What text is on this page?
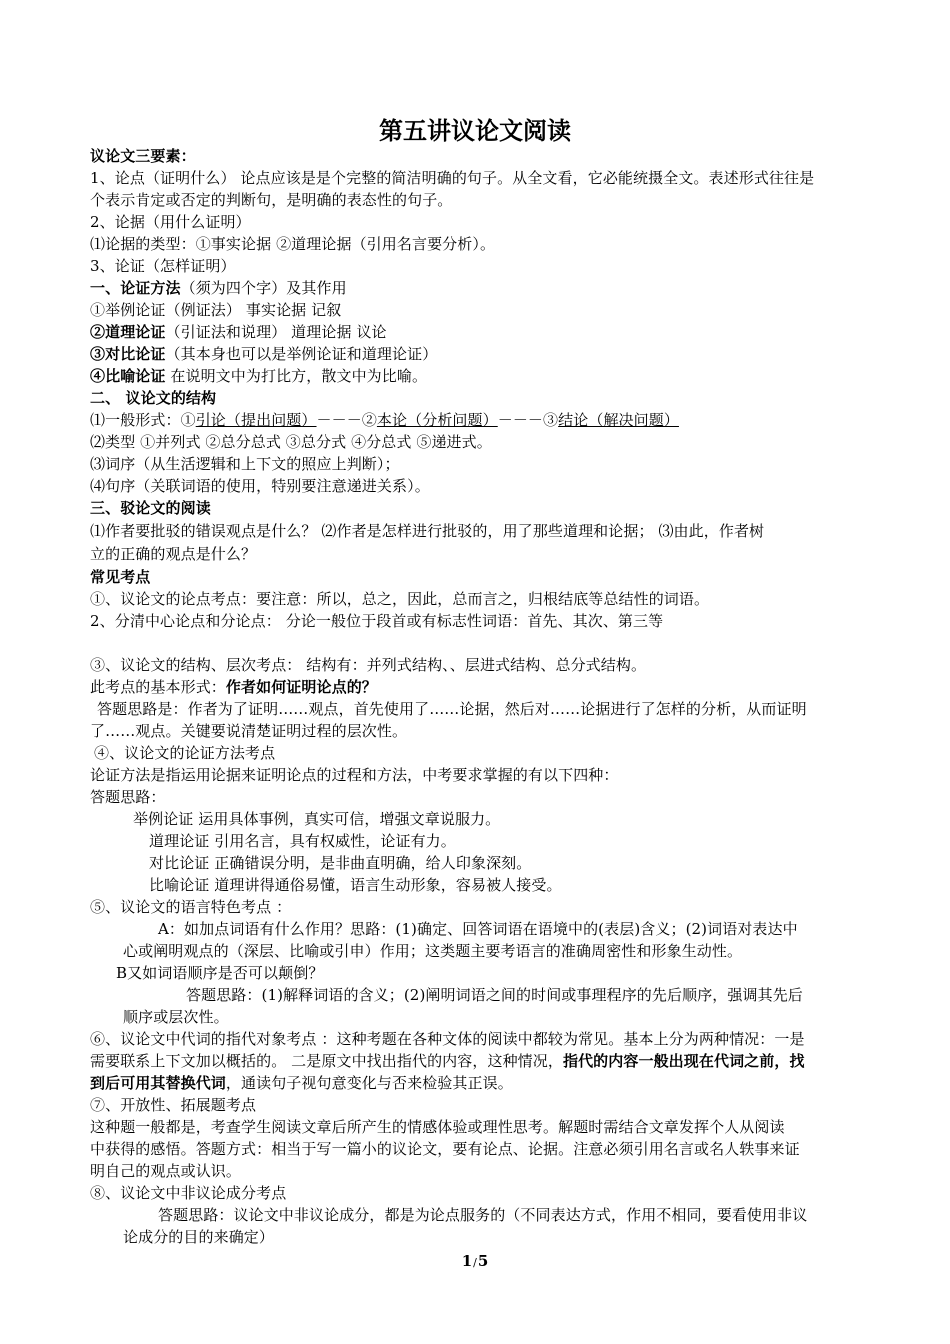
第五讲议论文阅读
议论文三要素：
1、论点（证明什么） 论点应该是是个完整的简洁明确的句子。从全文看，它必能统摄全文。表述形式往往是
个表示肯定或否定的判断句，是明确的表态性的句子。
2、论据（用什么证明）
⑴论据的类型：①事实论据 ②道理论据（引用名言要分析）。
3、论证（怎样证明）
一、论证方法（须为四个字）及其作用
①举例论证（例证法） 事实论据 记叙
②道理论证（引证法和说理） 道理论据 议论
③对比论证（其本身也可以是举例论证和道理论证）
④比喻论证 在说明文中为打比方，散文中为比喻。
二、 议论文的结构
⑴一般形式：①引论（提出问题）－－－②本论（分析问题）－－－③结论（解决问题）
⑵类型 ①并列式 ②总分总式 ③总分式 ④分总式 ⑤递进式。
⑶词序（从生活逻辑和上下文的照应上判断）；
⑷句序（关联词语的使用，特别要注意递进关系）。
三、驳论文的阅读
⑴作者要批驳的错误观点是什么？ ⑵作者是怎样进行批驳的，用了那些道理和论据； ⑶由此，作者树
立的正确的观点是什么？
常见考点
①、议论文的论点考点：要注意：所以，总之，因此，总而言之，归根结底等总结性的词语。
2、分清中心论点和分论点： 分论一般位于段首或有标志性词语：首先、其次、第三等
③、议论文的结构、层次考点： 结构有：并列式结构、、层进式结构、总分式结构。
此考点的基本形式：作者如何证明论点的？
答题思路是：作者为了证明……观点，首先使用了……论据，然后对……论据进行了怎样的分析，从而证明
了……观点。关键要说清楚证明过程的层次性。
④、议论文的论证方法考点
论证方法是指运用论据来证明论点的过程和方法，中考要求掌握的有以下四种：
答题思路：
举例论证 运用具体事例，真实可信，增强文章说服力。
道理论证 引用名言，具有权威性，论证有力。
对比论证 正确错误分明，是非曲直明确，给人印象深刻。
比喻论证 道理讲得通俗易懂，语言生动形象，容易被人接受。
⑤、议论文的语言特色考点 ：
A：如加点词语有什么作用？思路：(1)确定、回答词语在语境中的(表层)含义；(2)词语对表达中
心或阐明观点的（深层、比喻或引申）作用；这类题主要考语言的准确周密性和形象生动性。
B又如词语顺序是否可以颠倒？
答题思路：(1)解释词语的含义；(2)阐明词语之间的时间或事理程序的先后顺序，强调其先后
顺序或层次性。
⑥、议论文中代词的指代对象考点 ：这种考题在各种文体的阅读中都较为常见。基本上分为两种情况：一是
需要联系上下文加以概括的。 二是原文中找出指代的内容，这种情况，指代的内容一般出现在代词之前，找
到后可用其替换代词，通读句子视句意变化与否来检验其正误。
⑦、开放性、拓展题考点
这种题一般都是，考查学生阅读文章后所产生的情感体验或理性思考。解题时需结合文章发挥个人从阅读
中获得的感悟。答题方式：相当于写一篇小的议论文，要有论点、论据。注意必须引用名言或名人轶事来证
明自己的观点或认识。
⑧、议论文中非议论成分考点
答题思路：议论文中非议论成分，都是为论点服务的（不同表达方式，作用不相同，要看使用非议
论成分的目的来确定）
1/5
